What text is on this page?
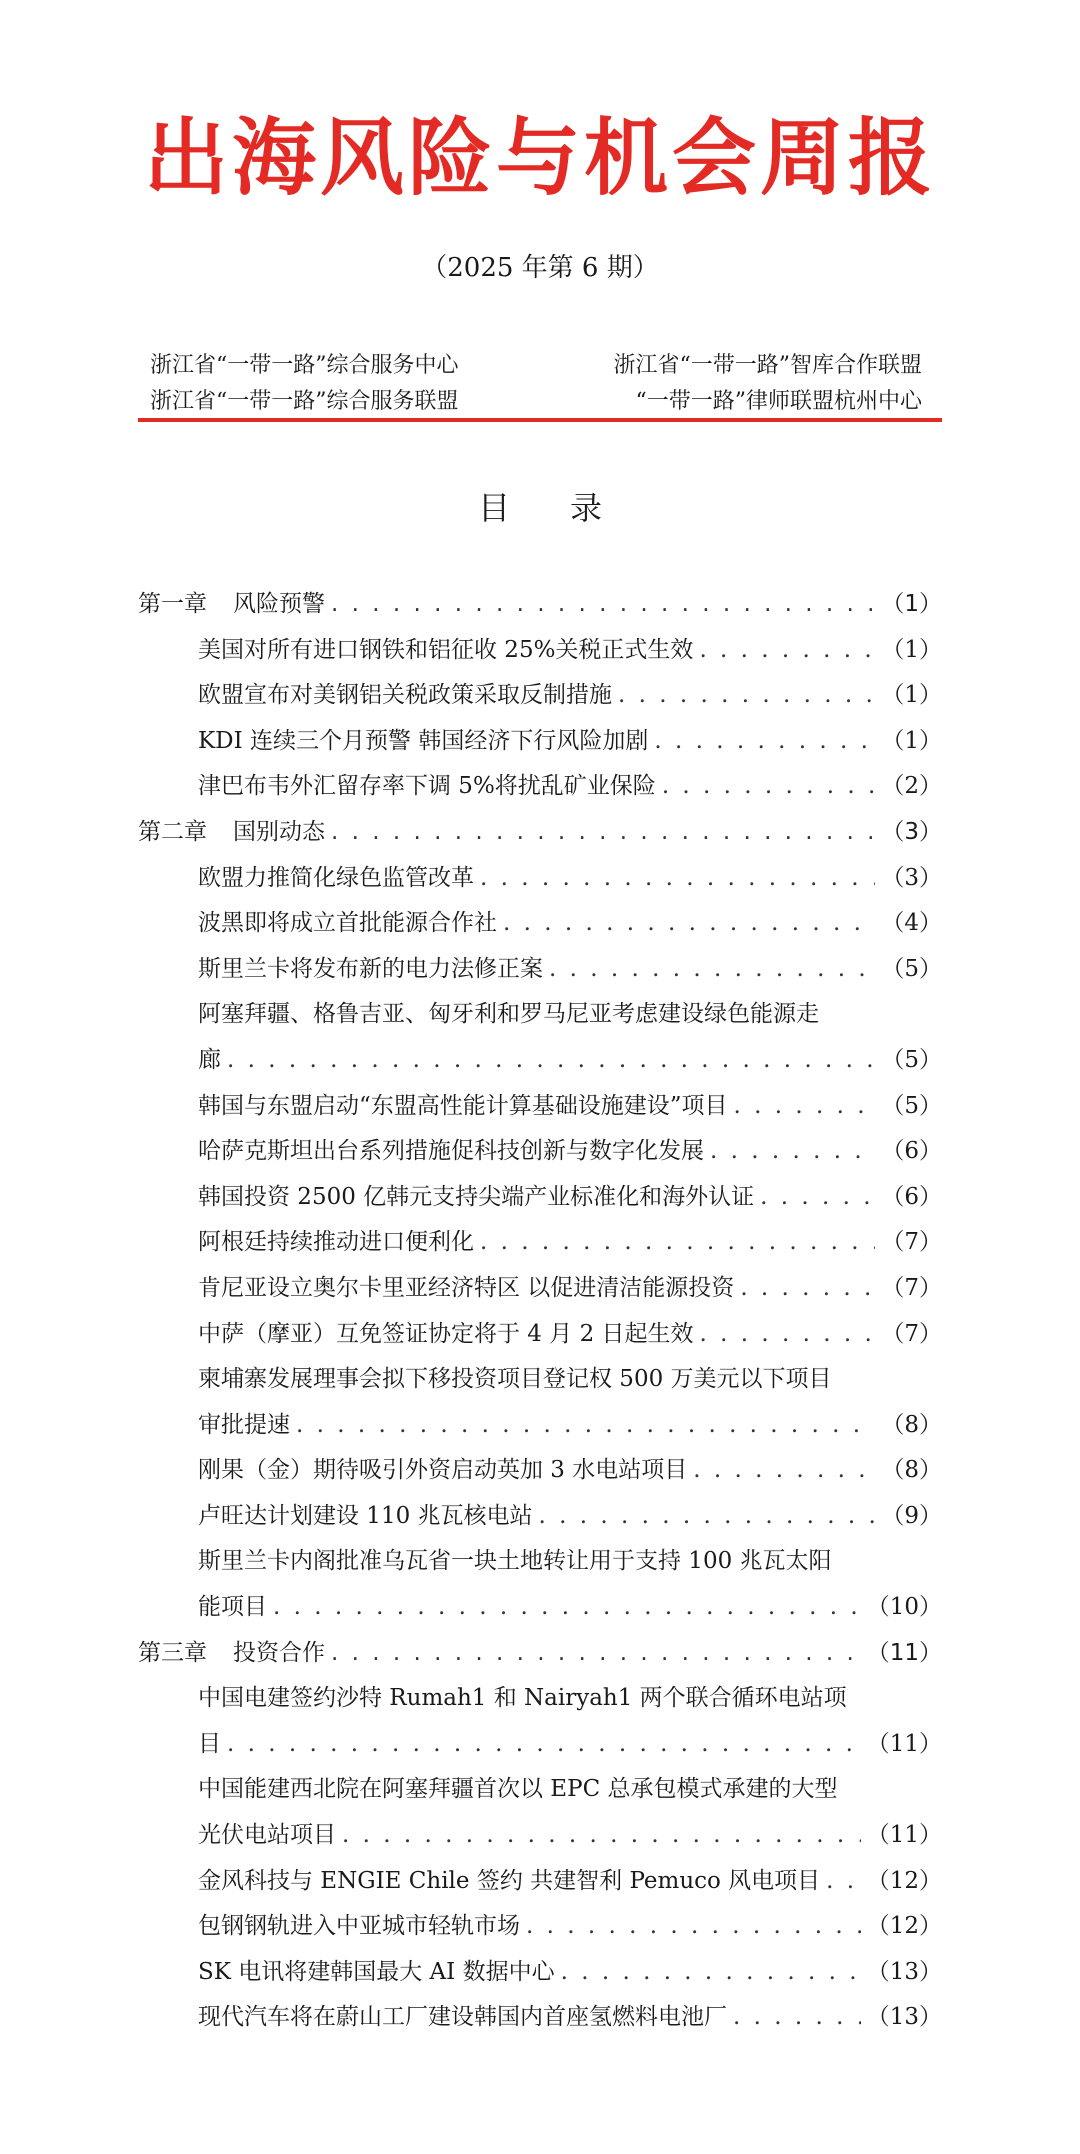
出海风险与机会周报
（2025 年第 6 期）
浙江省“一带一路”综合服务中心	浙江省“一带一路”智库合作联盟
浙江省“一带一路”综合服务联盟	“一带一路”律师联盟杭州中心
目录
第一章 风险预警 . . .	（1）
美国对所有进口钢铁和铝征收 25%关税正式生效 . . .	（1）
欧盟宣布对美钢铝关税政策采取反制措施 . . .	（1）
KDI 连续三个月预警 韩国经济下行风险加剧 . . .	（1）
津巴布韦外汇留存率下调 5%将扰乱矿业保险 . . .	（2）
第二章 国别动态 . . .	（3）
欧盟力推简化绿色监管改革 . . .	（3）
波黑即将成立首批能源合作社 . . .	（4）
斯里兰卡将发布新的电力法修正案 . . .	（5）
阿塞拜疆、格鲁吉亚、匈牙利和罗马尼亚考虑建设绿色能源走
廊 . . .	（5）
韩国与东盟启动“东盟高性能计算基础设施建设”项目 . . .	（5）
哈萨克斯坦出台系列措施促科技创新与数字化发展 . . .	（6）
韩国投资 2500 亿韩元支持尖端产业标准化和海外认证 . . .	（6）
阿根廷持续推动进口便利化 . . .	（7）
肯尼亚设立奥尔卡里亚经济特区 以促进清洁能源投资 . . .	（7）
中萨（摩亚）互免签证协定将于 4 月 2 日起生效 . . .	（7）
柬埔寨发展理事会拟下移投资项目登记权 500 万美元以下项目
审批提速 . . .	（8）
刚果（金）期待吸引外资启动英加 3 水电站项目 . . .	（8）
卢旺达计划建设 110 兆瓦核电站 . . .	（9）
斯里兰卡内阁批准乌瓦省一块土地转让用于支持 100 兆瓦太阳
能项目 . . .	（10）
第三章 投资合作 . . .	（11）
中国电建签约沙特 Rumah1 和 Nairyah1 两个联合循环电站项
目 . . .	（11）
中国能建西北院在阿塞拜疆首次以 EPC 总承包模式承建的大型
光伏电站项目 . . .	（11）
金风科技与 ENGIE Chile 签约 共建智利 Pemuco 风电项目 . . . （12）
包钢钢轨进入中亚城市轻轨市场 . . .	（12）
SK 电讯将建韩国最大 AI 数据中心 . . .	（13）
现代汽车将在蔚山工厂建设韩国内首座氢燃料电池厂 . . .	（13）
